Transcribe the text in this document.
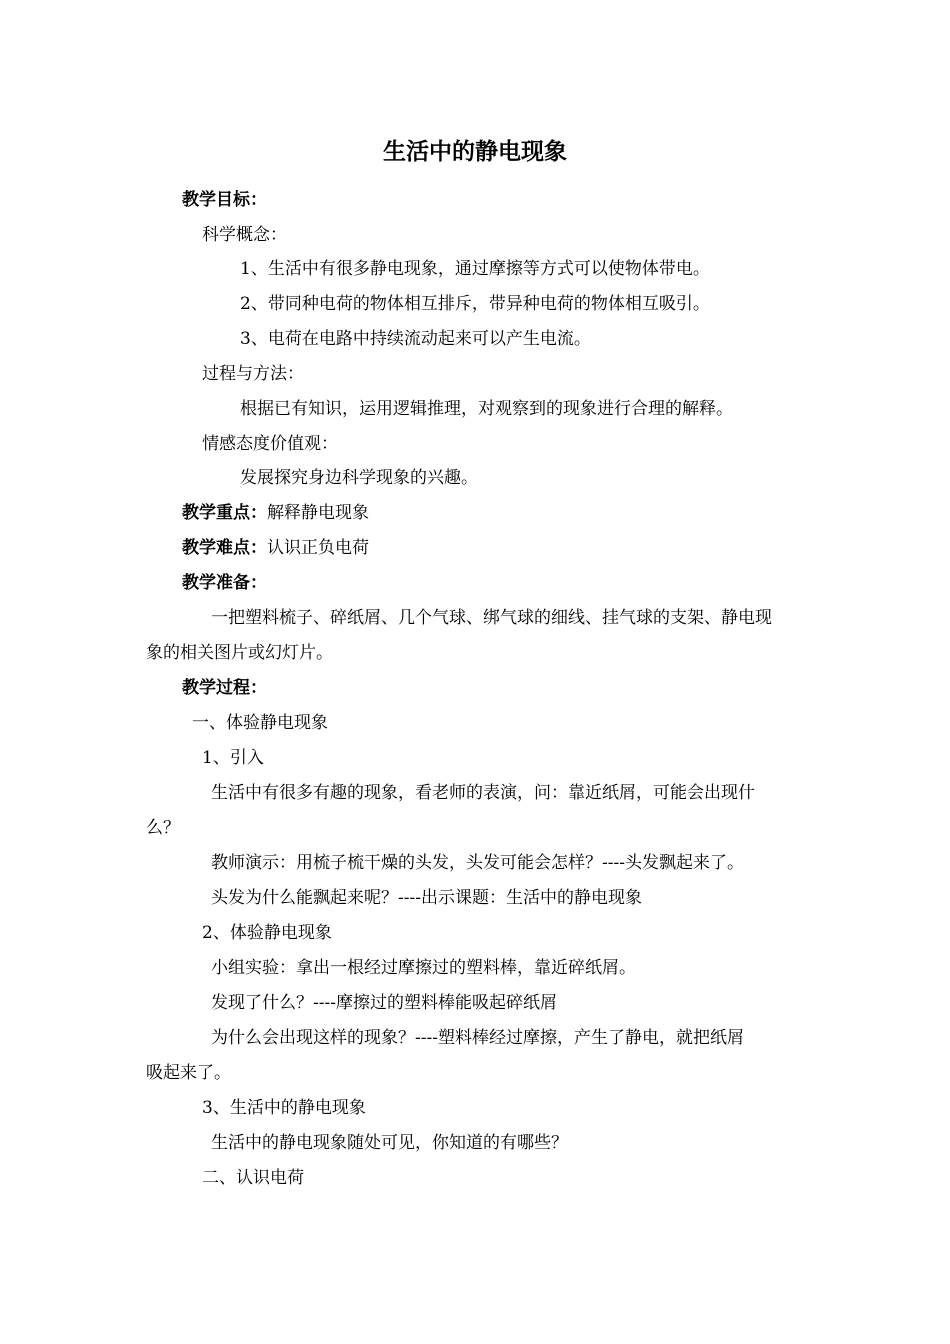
生活中的静电现象
教学目标：
科学概念：
1、生活中有很多静电现象，通过摩擦等方式可以使物体带电。
2、带同种电荷的物体相互排斥，带异种电荷的物体相互吸引。
3、电荷在电路中持续流动起来可以产生电流。
过程与方法：
根据已有知识，运用逻辑推理，对观察到的现象进行合理的解释。
情感态度价值观：
发展探究身边科学现象的兴趣。
教学重点：解释静电现象
教学难点：认识正负电荷
教学准备：
一把塑料梳子、碎纸屑、几个气球、绑气球的细线、挂气球的支架、静电现
象的相关图片或幻灯片。
教学过程：
一、体验静电现象
1、引入
生活中有很多有趣的现象，看老师的表演，问：靠近纸屑，可能会出现什
么？
教师演示：用梳子梳干燥的头发，头发可能会怎样？----头发飘起来了。
头发为什么能飘起来呢？----出示课题：生活中的静电现象
2、体验静电现象
小组实验：拿出一根经过摩擦过的塑料棒，靠近碎纸屑。
发现了什么？----摩擦过的塑料棒能吸起碎纸屑
为什么会出现这样的现象？----塑料棒经过摩擦，产生了静电，就把纸屑
吸起来了。
3、生活中的静电现象
生活中的静电现象随处可见，你知道的有哪些？
二、认识电荷
